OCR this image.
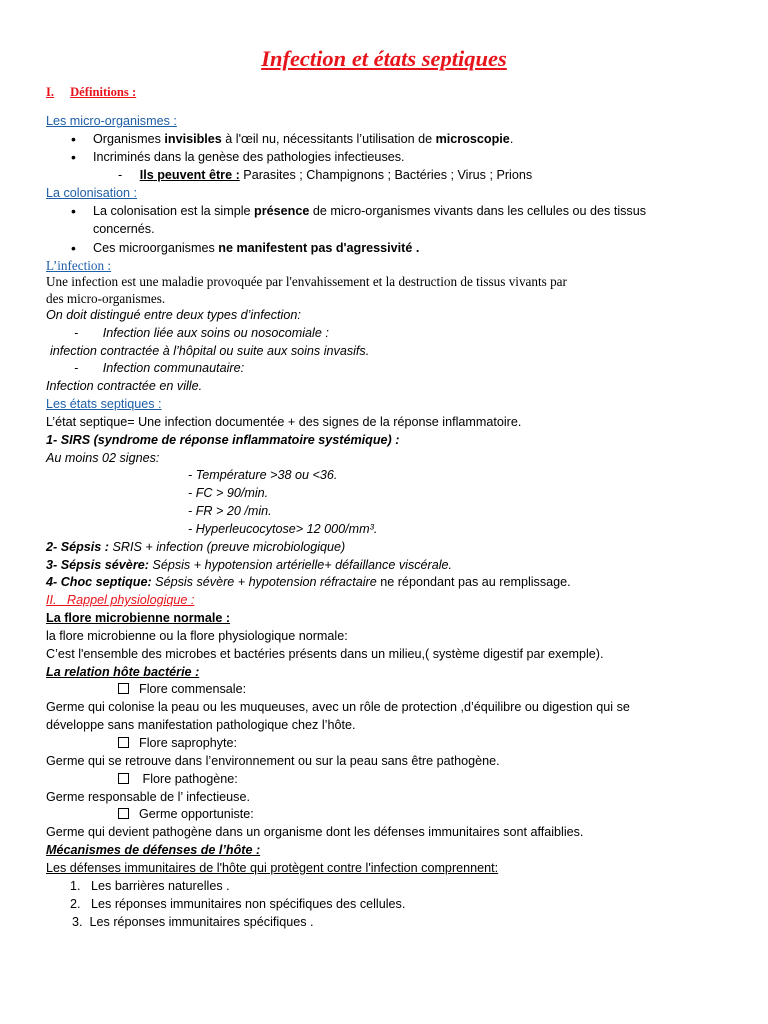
Infection et états septiques
I. Définitions :
Les micro-organismes :
• Organismes invisibles à l'œil nu, nécessitants l’utilisation de microscopie.
• Incriminés dans la genèse des pathologies infectieuses.
- Ils peuvent être : Parasites ; Champignons ; Bactéries ; Virus ; Prions
La colonisation :
• La colonisation est la simple présence de micro-organismes vivants dans les cellules ou des tissus
concernés.
• Ces microorganismes ne manifestent pas d'agressivité .
L’infection :
Une infection est une maladie provoquée par l'envahissement et la destruction de tissus vivants par
des micro-organismes.
On doit distingué entre deux types d’infection:
- Infection liée aux soins ou nosocomiale :
infection contractée à l’hôpital ou suite aux soins invasifs.
- Infection communautaire:
Infection contractée en ville.
Les états septiques :
L’état septique= Une infection documentée + des signes de la réponse inflammatoire.
1- SIRS (syndrome de réponse inflammatoire systémique) :
Au moins 02 signes:
- Température >38 ou <36.
- FC > 90/min.
- FR > 20 /min.
- Hyperleucocytose> 12 000/mm³.
2- Sépsis : SRIS + infection (preuve microbiologique)
3- Sépsis sévère: Sépsis + hypotension artérielle+ défaillance viscérale.
4- Choc septique: Sépsis sévère + hypotension réfractaire ne répondant pas au remplissage.
II. Rappel physiologique :
La flore microbienne normale :
la flore microbienne ou la flore physiologique normale:
C’est l'ensemble des microbes et bactéries présents dans un milieu,( système digestif par exemple).
La relation hôte bactérie :
Flore commensale:
Germe qui colonise la peau ou les muqueuses, avec un rôle de protection ,d’équilibre ou digestion qui se
développe sans manifestation pathologique chez l’hôte.
Flore saprophyte:
Germe qui se retrouve dans l’environnement ou sur la peau sans être pathogène.
Flore pathogène:
Germe responsable de l’ infectieuse.
Germe opportuniste:
Germe qui devient pathogène dans un organisme dont les défenses immunitaires sont affaiblies.
Mécanismes de défenses de l’hôte :
Les défenses immunitaires de l'hôte qui protègent contre l'infection comprennent:
1. Les barrières naturelles .
2. Les réponses immunitaires non spécifiques des cellules.
3. Les réponses immunitaires spécifiques .
